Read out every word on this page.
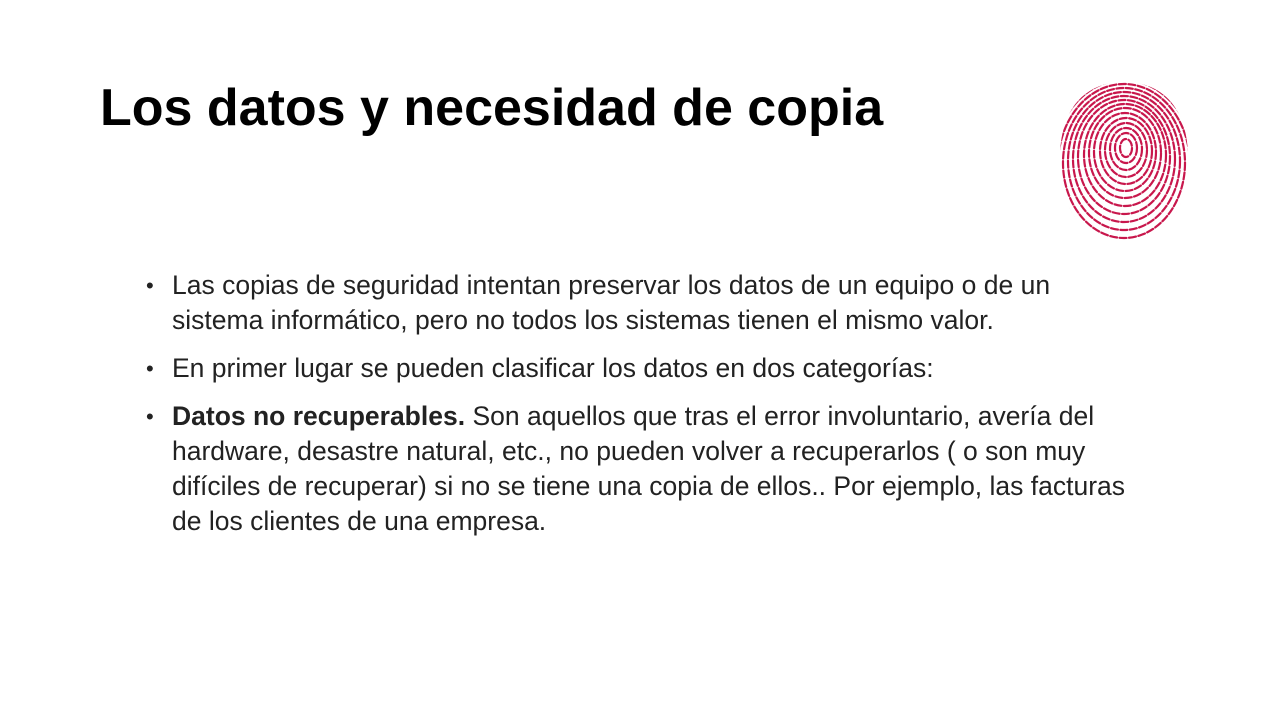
Los datos y necesidad de copia
• Las copias de seguridad intentan preservar los datos de un equipo o de un sistema informático, pero no todos los sistemas tienen el mismo valor.
• En primer lugar se pueden clasificar los datos en dos categorías:
• Datos no recuperables. Son aquellos que tras el error involuntario, avería del hardware, desastre natural, etc., no pueden volver a recuperarlos ( o son muy difíciles de recuperar) si no se tiene una copia de ellos.. Por ejemplo, las facturas de los clientes de una empresa.
